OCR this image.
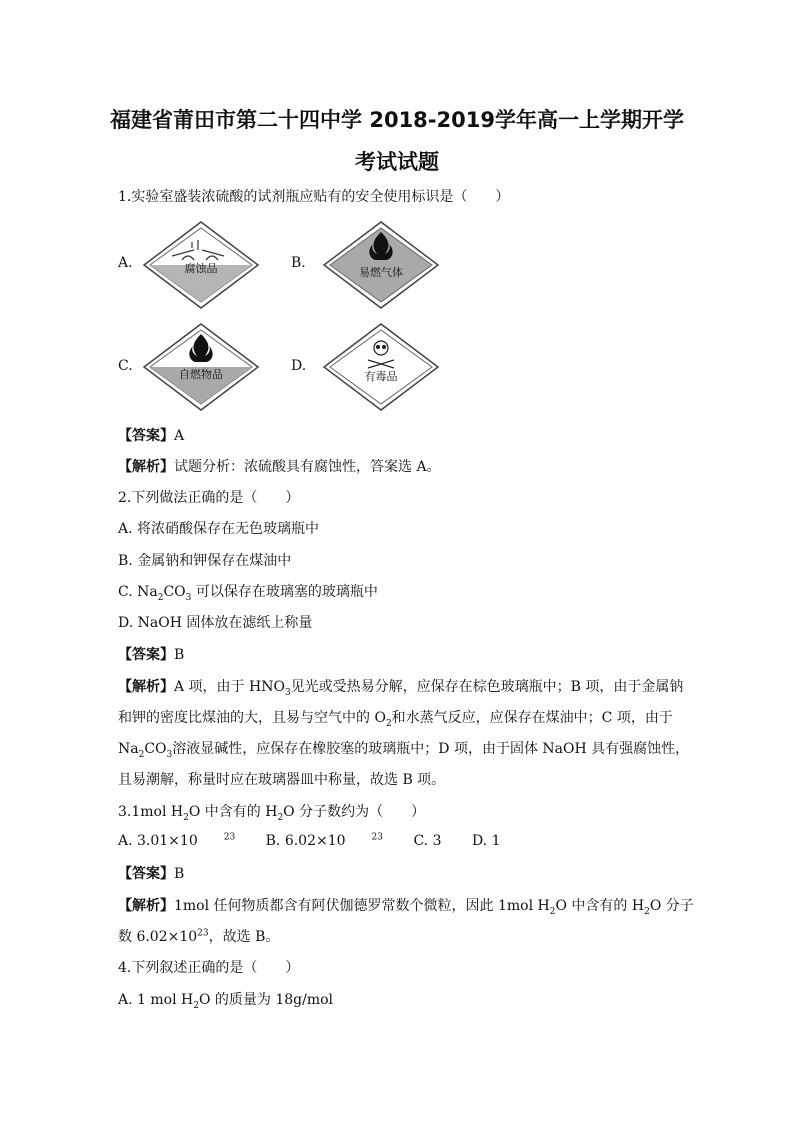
福建省莆田市第二十四中学 2018-2019学年高一上学期开学
考试试题
1.实验室盛装浓硫酸的试剂瓶应贴有的安全使用标识是（　　）
A.	腐蚀品	B.
易燃气体
C.
自燃物品
D.
有毒品
【答案】A
【解析】试题分析：浓硫酸具有腐蚀性，答案选 A。
2.下列做法正确的是（　　）
A. 将浓硝酸保存在无色玻璃瓶中
B. 金属钠和钾保存在煤油中
C. $Na_2CO_3$ 可以保存在玻璃塞的玻璃瓶中
D. NaOH 固体放在滤纸上称量
【答案】B
【解析】A 项，由于 $HNO_3$见光或受热易分解，应保存在棕色玻璃瓶中；B 项，由于金属钠
和钾的密度比煤油的大，且易与空气中的 $O_2$和水蒸气反应，应保存在煤油中；C 项，由于
$Na_2CO_3$溶液显碱性，应保存在橡胶塞的玻璃瓶中；D 项，由于固体 NaOH 具有强腐蚀性，
且易潮解，称量时应在玻璃器皿中称量，故选 B 项。
3.1mol $H_2O$ 中含有的 $H_2O$ 分子数约为（　　）
A. 3.01×10	$^{23}$ B. 6.02×10	$^{23}$ C. 3 D. 1
【答案】B
【解析】1mol 任何物质都含有阿伏伽德罗常数个微粒，因此 1mol $H_2O$ 中含有的 $H_2O$ 分子
数 $6.02\times 10^{23}$，故选 B。
4.下列叙述正确的是（　　）
A. 1 mol $H_2O$ 的质量为 18g/mol
